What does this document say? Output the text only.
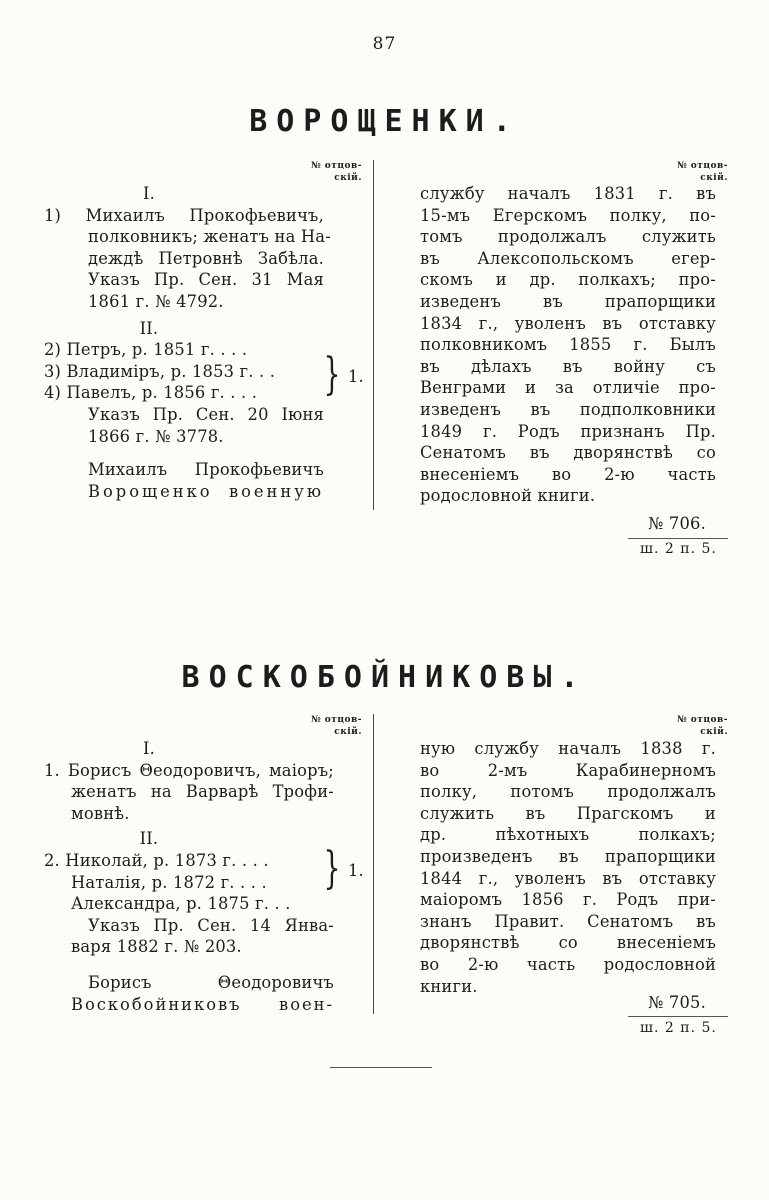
87
ВОРОЩЕНКИ.
№ отцов-
скій.
№ отцов-
скій.
I.
1) Михаилъ Прокофьевичъ,
полковникъ; женатъ на На-
деждѣ Петровнѣ Забѣла.
Указъ Пр. Сен. 31 Мая
1861 г. № 4792.
II.
2) Петръ, р. 1851 г. . . .
3) Владиміръ, р. 1853 г. . .
4) Павелъ, р. 1856 г. . . .
Указъ Пр. Сен. 20 Іюня
1866 г. № 3778.
Михаилъ Прокофьевичъ
Ворощенко военную
} 1.
службу началъ 1831 г. въ
15-мъ Егерскомъ полку, по-
томъ продолжалъ служить
въ Алексопольскомъ егер-
скомъ и др. полкахъ; про-
изведенъ въ прапорщики
1834 г., уволенъ въ отставку
полковникомъ 1855 г. Былъ
въ дѣлахъ въ войну съ
Венграми и за отличіе про-
изведенъ въ подполковники
1849 г. Родъ признанъ Пр.
Сенатомъ въ дворянствѣ со
внесеніемъ во 2-ю часть
родословной книги.
№ 706.
ш. 2 п. 5.
ВОСКОБОЙНИКОВЫ.
№ отцов-
скій.
№ отцов-
скій.
I.
1. Борисъ Θеодоровичъ, маіоръ;
женатъ на Варварѣ Трофи-
мовнѣ.
II.
2. Николай, р. 1873 г. . . .
Наталія, р. 1872 г. . . .
Александра, р. 1875 г. . .
Указъ Пр. Сен. 14 Янва-
варя 1882 г. № 203.
Борисъ Θеодоровичъ
Воскобойниковъ воен-
} 1.
ную службу началъ 1838 г.
во 2-мъ Карабинерномъ
полку, потомъ продолжалъ
служить въ Прагскомъ и
др. пѣхотныхъ полкахъ;
произведенъ въ прапорщики
1844 г., уволенъ въ отставку
маіоромъ 1856 г. Родъ при-
знанъ Правит. Сенатомъ въ
дворянствѣ со внесеніемъ
во 2-ю часть родословной
книги.
№ 705.
ш. 2 п. 5.
